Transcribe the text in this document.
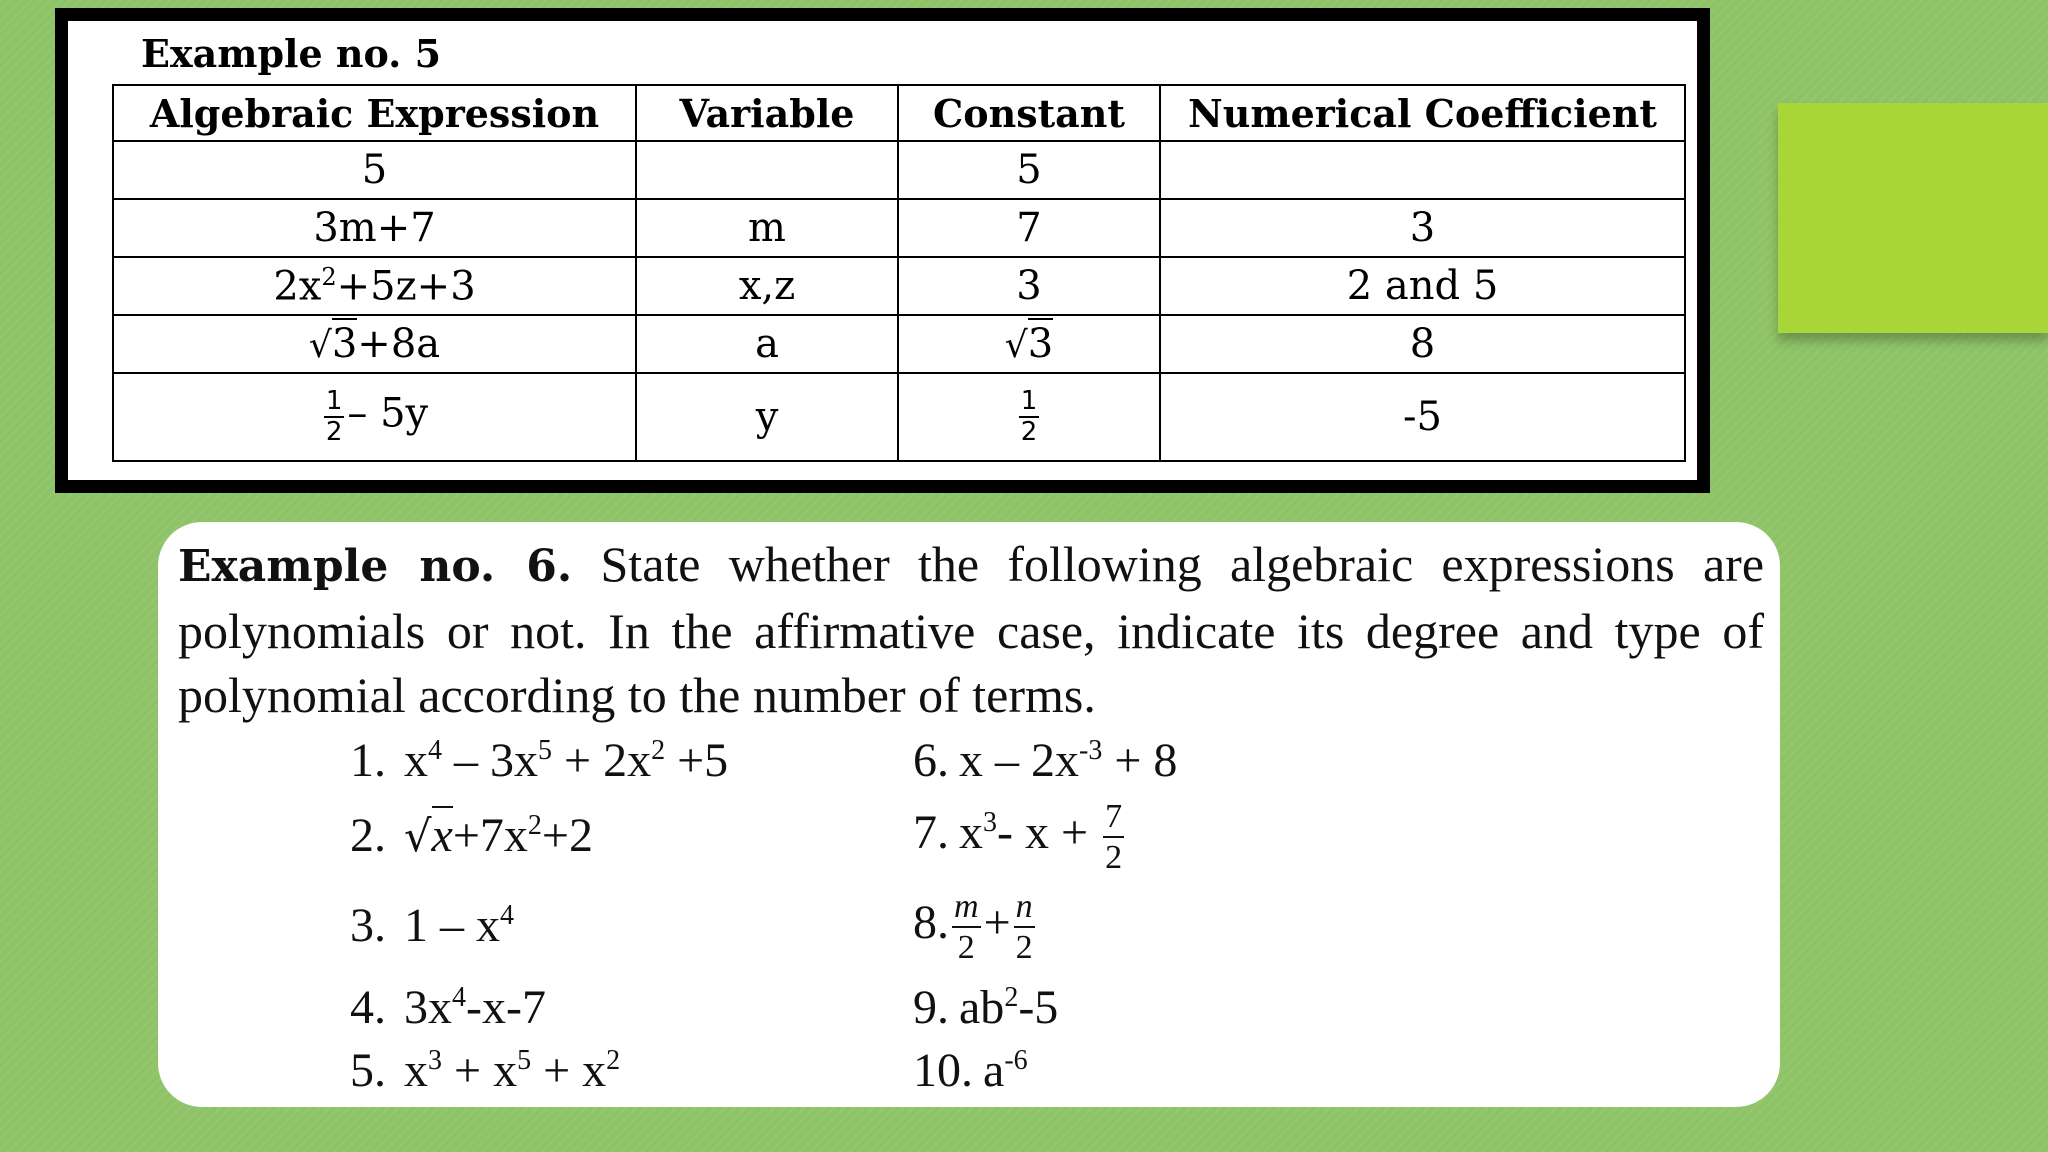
Example no. 5
Algebraic Expression	Variable	Constant	Numerical Coefficient
5		5	
3m+7	m	7	3
$2x^2+5z+3$	x,z	3	2 and 5
√3+8a	a	√3	8

$\frac{1}{2} - 5y$	y	$\frac{1}{2}$	-5

Example no. 6. State whether the following algebraic expressions are polynomials or not. In the affirmative case, indicate its degree and type of polynomial according to the number of terms.

1. $x^4 - 3x^5 + 2x^2 +5$
2. $√x+7x^2+2$
3. $1 - x^4$
4. $3x^4-x-7$
5. $x^3 + x^5 + x^2$
6. $x - 2x^{-3} + 8$
7. $x^3-$ $x + \frac{7}{2}$
8. $\frac{m}{2} + \frac{n}{2}$
9. $ab^2-5$
10. $a^{-6}$
